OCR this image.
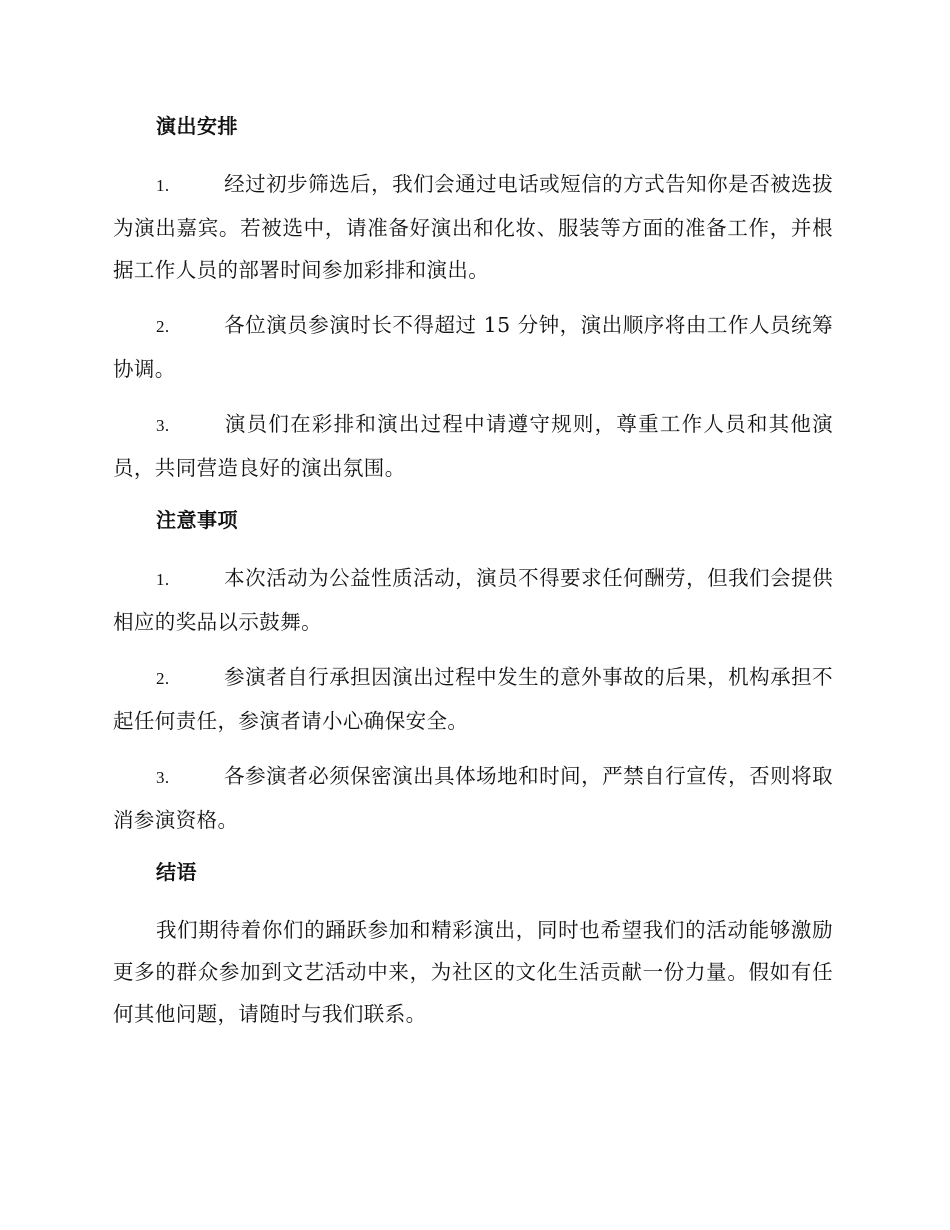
演出安排

1.	经过初步筛选后，我们会通过电话或短信的方式告知你是否被选拔为演出嘉宾。若被选中，请准备好演出和化妆、服装等方面的准备工作，并根据工作人员的部署时间参加彩排和演出。

2.	各位演员参演时长不得超过 15 分钟，演出顺序将由工作人员统筹协调。

3.	演员们在彩排和演出过程中请遵守规则，尊重工作人员和其他演员，共同营造良好的演出氛围。

注意事项

1.	本次活动为公益性质活动，演员不得要求任何酬劳，但我们会提供相应的奖品以示鼓舞。

2.	参演者自行承担因演出过程中发生的意外事故的后果，机构承担不起任何责任，参演者请小心确保安全。

3.	各参演者必须保密演出具体场地和时间，严禁自行宣传，否则将取消参演资格。

结语

我们期待着你们的踊跃参加和精彩演出，同时也希望我们的活动能够激励更多的群众参加到文艺活动中来，为社区的文化生活贡献一份力量。假如有任何其他问题，请随时与我们联系。
